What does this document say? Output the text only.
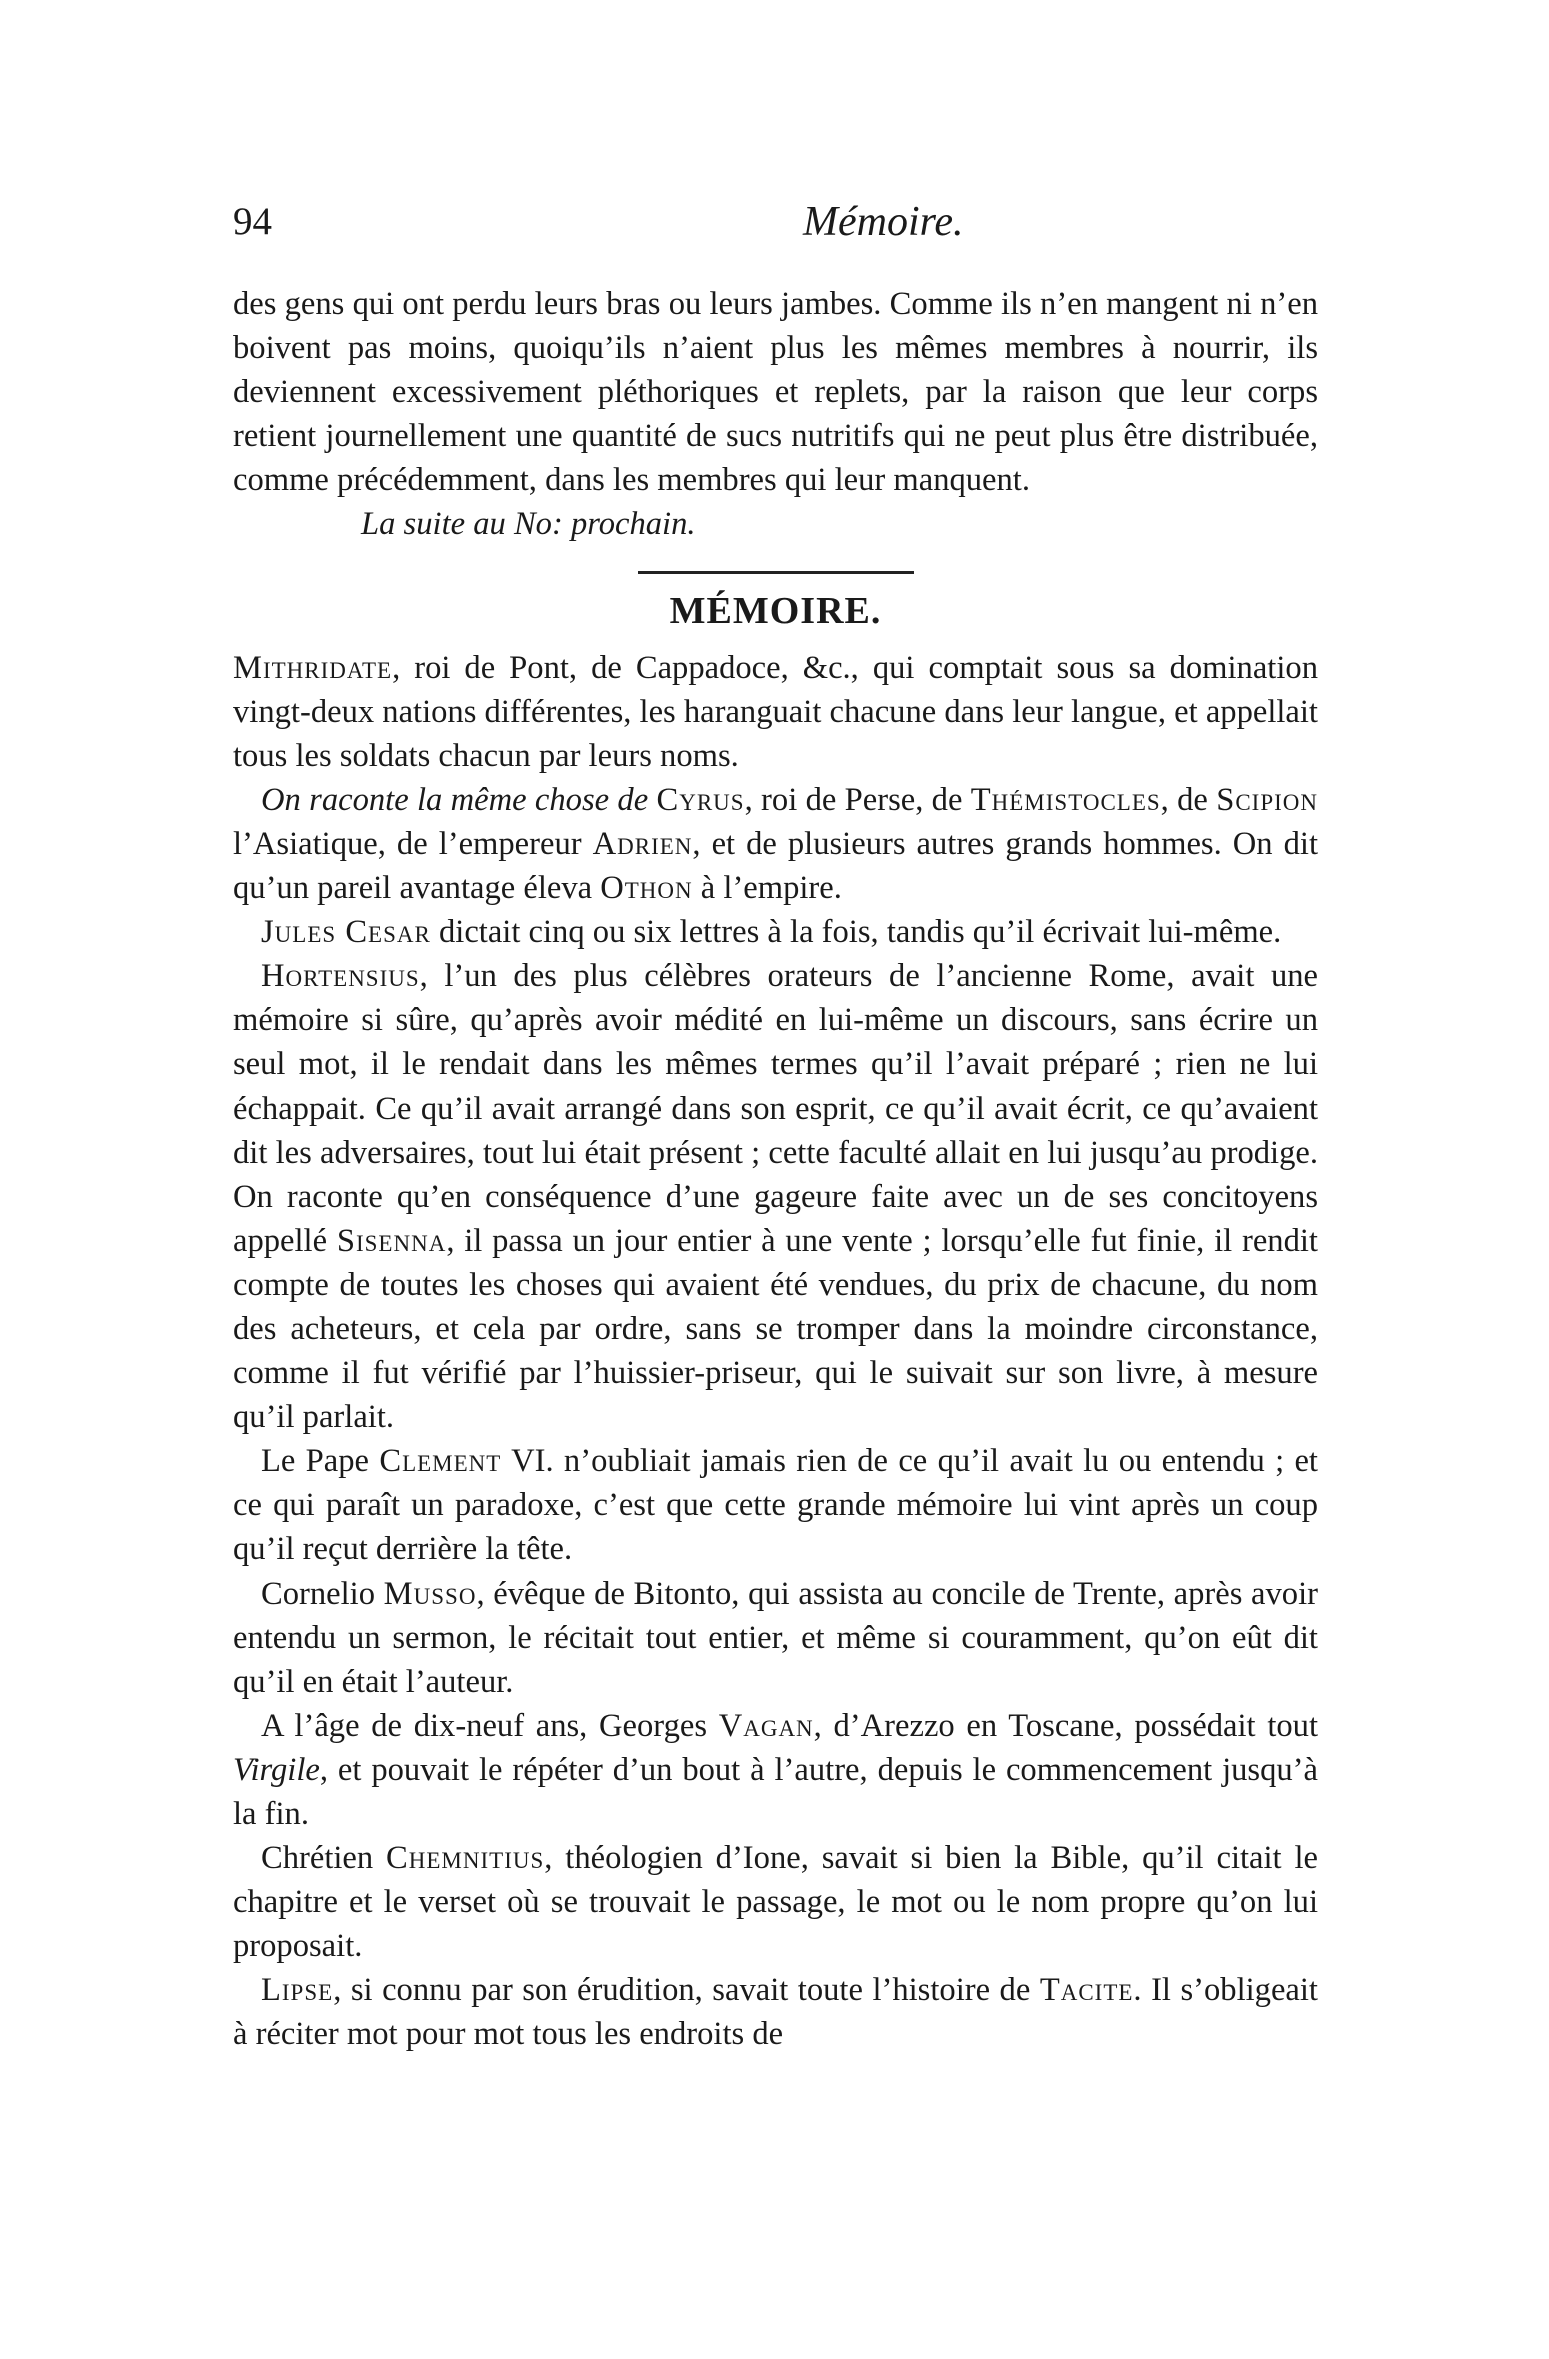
94	Mémoire.

des gens qui ont perdu leurs bras ou leurs jambes. Comme ils n’en mangent ni n’en boivent pas moins, quoiqu’ils n’aient plus les mêmes membres à nourrir, ils deviennent excessivement pléthoriques et replets, par la raison que leur corps retient journellement une quantité de sucs nutritifs qui ne peut plus être distribuée, comme précédemment, dans les membres qui leur manquent.

La suite au No: prochain.

MÉMOIRE.

Mithridate, roi de Pont, de Cappadoce, &c., qui comptait sous sa domination vingt-deux nations différentes, les haranguait chacune dans leur langue, et appellait tous les soldats chacun par leurs noms.

On raconte la même chose de Cyrus, roi de Perse, de Thémistocles, de Scipion l’Asiatique, de l’empereur Adrien, et de plusieurs autres grands hommes. On dit qu’un pareil avantage éleva Othon à l’empire.

Jules Cesar dictait cinq ou six lettres à la fois, tandis qu’il écrivait lui-même.

Hortensius, l’un des plus célèbres orateurs de l’ancienne Rome, avait une mémoire si sûre, qu’après avoir médité en lui-même un discours, sans écrire un seul mot, il le rendait dans les mêmes termes qu’il l’avait préparé ; rien ne lui échappait. Ce qu’il avait arrangé dans son esprit, ce qu’il avait écrit, ce qu’avaient dit les adversaires, tout lui était présent ; cette faculté allait en lui jusqu’au prodige. On raconte qu’en conséquence d’une gageure faite avec un de ses concitoyens appellé Sisenna, il passa un jour entier à une vente ; lorsqu’elle fut finie, il rendit compte de toutes les choses qui avaient été vendues, du prix de chacune, du nom des acheteurs, et cela par ordre, sans se tromper dans la moindre circonstance, comme il fut vérifié par l’huissier-priseur, qui le suivait sur son livre, à mesure qu’il parlait.

Le Pape Clement VI. n’oubliait jamais rien de ce qu’il avait lu ou entendu ; et ce qui paraît un paradoxe, c’est que cette grande mémoire lui vint après un coup qu’il reçut derrière la tête.

Cornelio Musso, évêque de Bitonto, qui assista au concile de Trente, après avoir entendu un sermon, le récitait tout entier, et même si couramment, qu’on eût dit qu’il en était l’auteur.

A l’âge de dix-neuf ans, Georges Vagan, d’Arezzo en Toscane, possédait tout Virgile, et pouvait le répéter d’un bout à l’autre, depuis le commencement jusqu’à la fin.

Chrétien Chemnitius, théologien d’Ione, savait si bien la Bible, qu’il citait le chapitre et le verset où se trouvait le passage, le mot ou le nom propre qu’on lui proposait.

Lipse, si connu par son érudition, savait toute l’histoire de Tacite. Il s’obligeait à réciter mot pour mot tous les endroits de
